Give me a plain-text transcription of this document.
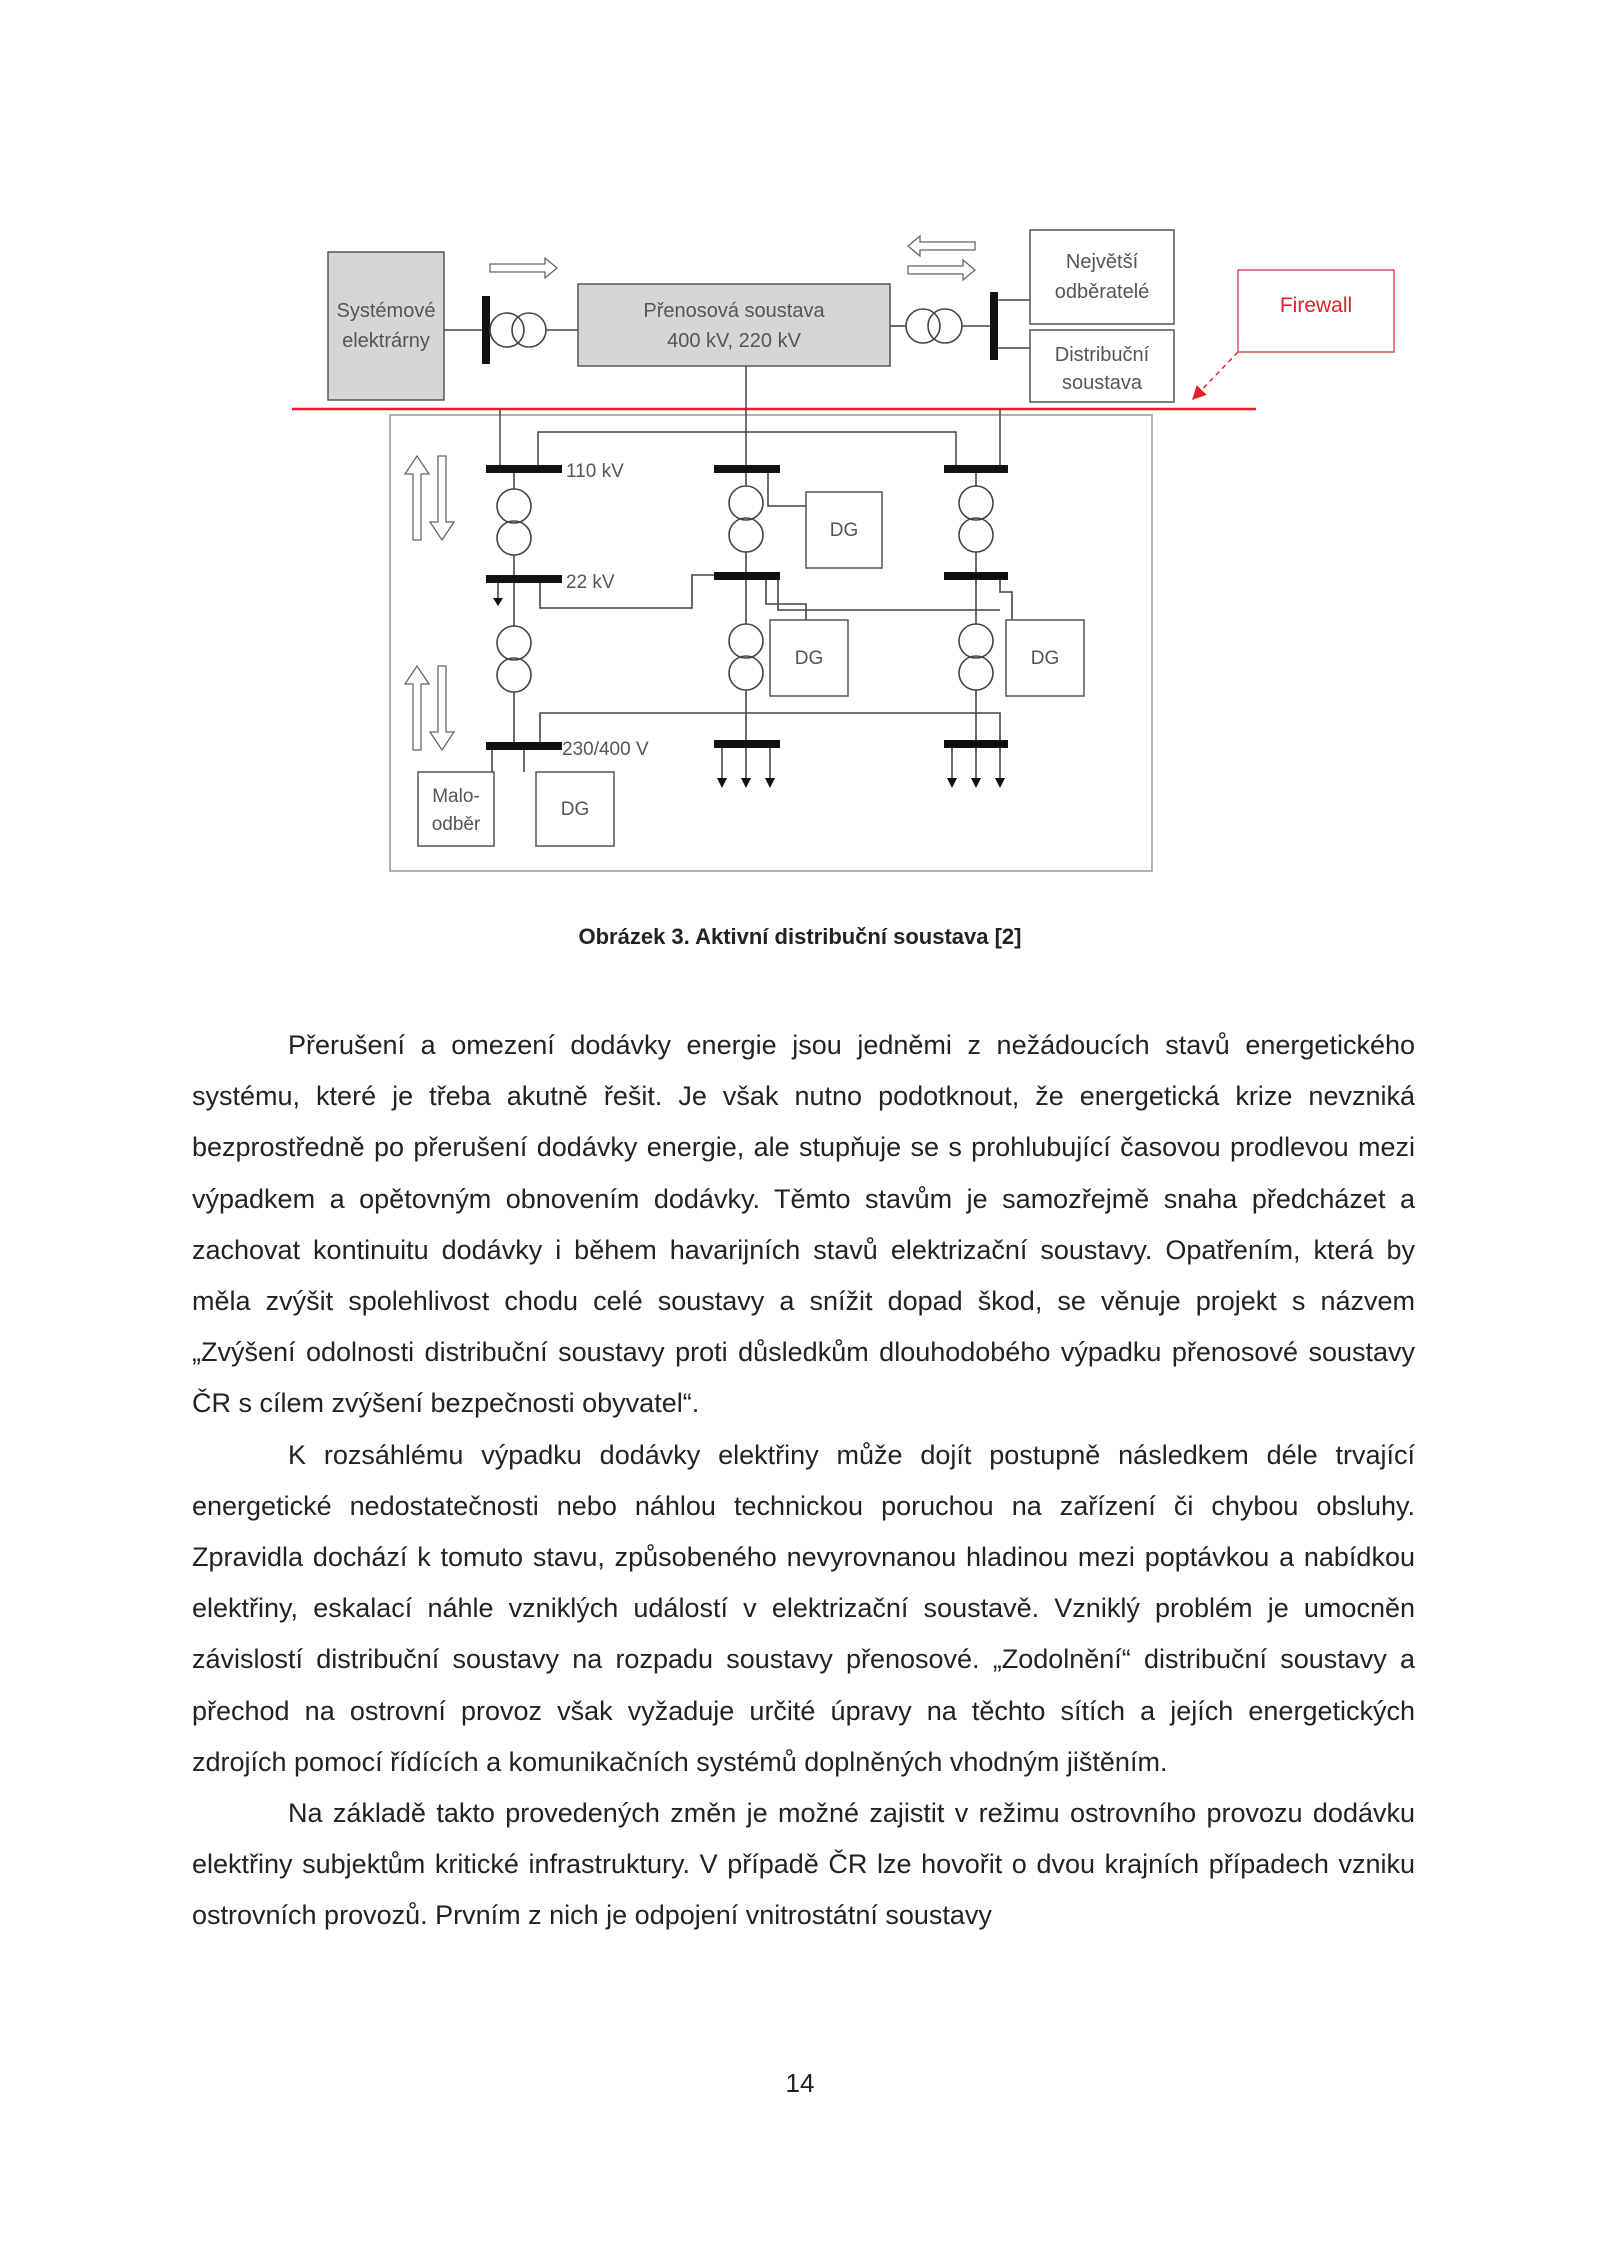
Systémové
elektrárny
Přenosová soustava
400 kV, 220 kV
Největší
odběratelé
Distribuční
soustava
Firewall
110 kV
22 kV
230/400 V
Malo-
odběr
DG
DG
DG	DG
Obrázek 3. Aktivní distribuční soustava [2]

Přerušení a omezení dodávky energie jsou jedněmi z nežádoucích stavů energetického systému, které je třeba akutně řešit. Je však nutno podotknout, že energetická krize nevzniká bezprostředně po přerušení dodávky energie, ale stupňuje se s prohlubující časovou prodlevou mezi výpadkem a opětovným obnovením dodávky. Těmto stavům je samozřejmě snaha předcházet a zachovat kontinuitu dodávky i během havarijních stavů elektrizační soustavy. Opatřením, která by měla zvýšit spolehlivost chodu celé soustavy a snížit dopad škod, se věnuje projekt s názvem „Zvýšení odolnosti distribuční soustavy proti důsledkům dlouhodobého výpadku přenosové soustavy ČR s cílem zvýšení bezpečnosti obyvatel“.

K rozsáhlému výpadku dodávky elektřiny může dojít postupně následkem déle trvající energetické nedostatečnosti nebo náhlou technickou poruchou na zařízení či chybou obsluhy. Zpravidla dochází k tomuto stavu, způsobeného nevyrovnanou hladinou mezi poptávkou a nabídkou elektřiny, eskalací náhle vzniklých událostí v elektrizační soustavě. Vzniklý problém je umocněn závislostí distribuční soustavy na rozpadu soustavy přenosové. „Zodolnění“ distribuční soustavy a přechod na ostrovní provoz však vyžaduje určité úpravy na těchto sítích a jejích energetických zdrojích pomocí řídících a komunikačních systémů doplněných vhodným jištěním.

Na základě takto provedených změn je možné zajistit v režimu ostrovního provozu dodávku elektřiny subjektům kritické infrastruktury. V případě ČR lze hovořit o dvou krajních případech vzniku ostrovních provozů. Prvním z nich je odpojení vnitrostátní soustavy

14
